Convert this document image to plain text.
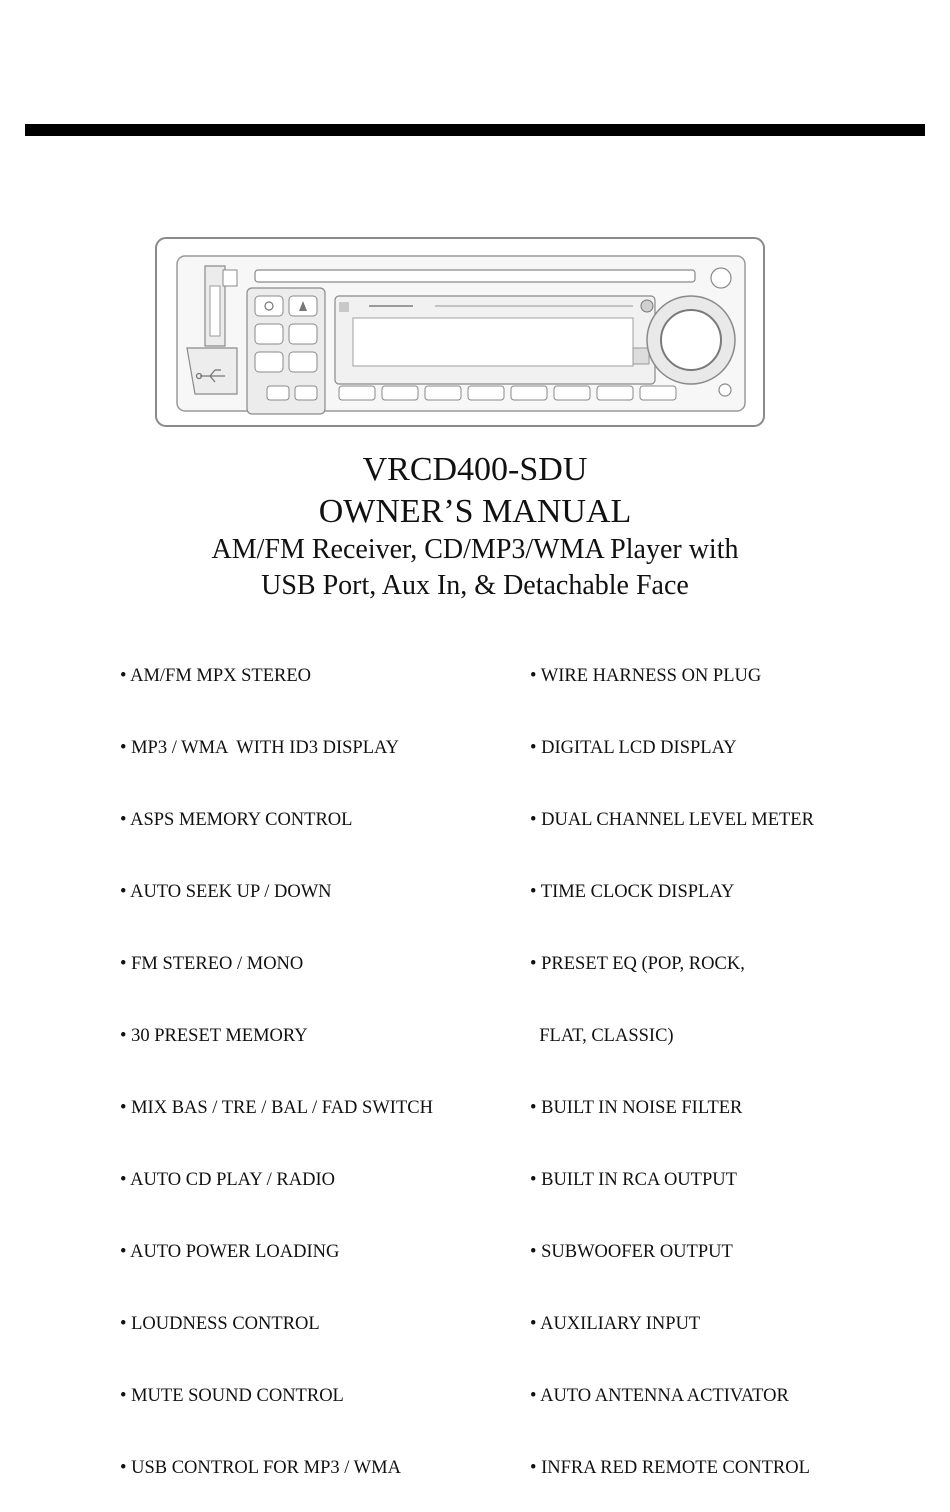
VRCD400-SDU
OWNER’S MANUAL
AM/FM Receiver, CD/MP3/WMA Player with
USB Port, Aux In, & Detachable Face

• AM/FM MPX STEREO

• MP3 / WMA  WITH ID3 DISPLAY

• ASPS MEMORY CONTROL

• AUTO SEEK UP / DOWN

• FM STEREO / MONO

• 30 PRESET MEMORY

• MIX BAS / TRE / BAL / FAD SWITCH

• AUTO CD PLAY / RADIO

• AUTO POWER LOADING

• LOUDNESS CONTROL

• MUTE SOUND CONTROL

• USB CONTROL FOR MP3 / WMA

• WIRE HARNESS ON PLUG

• DIGITAL LCD DISPLAY

• DUAL CHANNEL LEVEL METER

• TIME CLOCK DISPLAY

• PRESET EQ (POP, ROCK,

FLAT, CLASSIC)

• BUILT IN NOISE FILTER

• BUILT IN RCA OUTPUT

• SUBWOOFER OUTPUT

• AUXILIARY INPUT

• AUTO ANTENNA ACTIVATOR

• INFRA RED REMOTE CONTROL
